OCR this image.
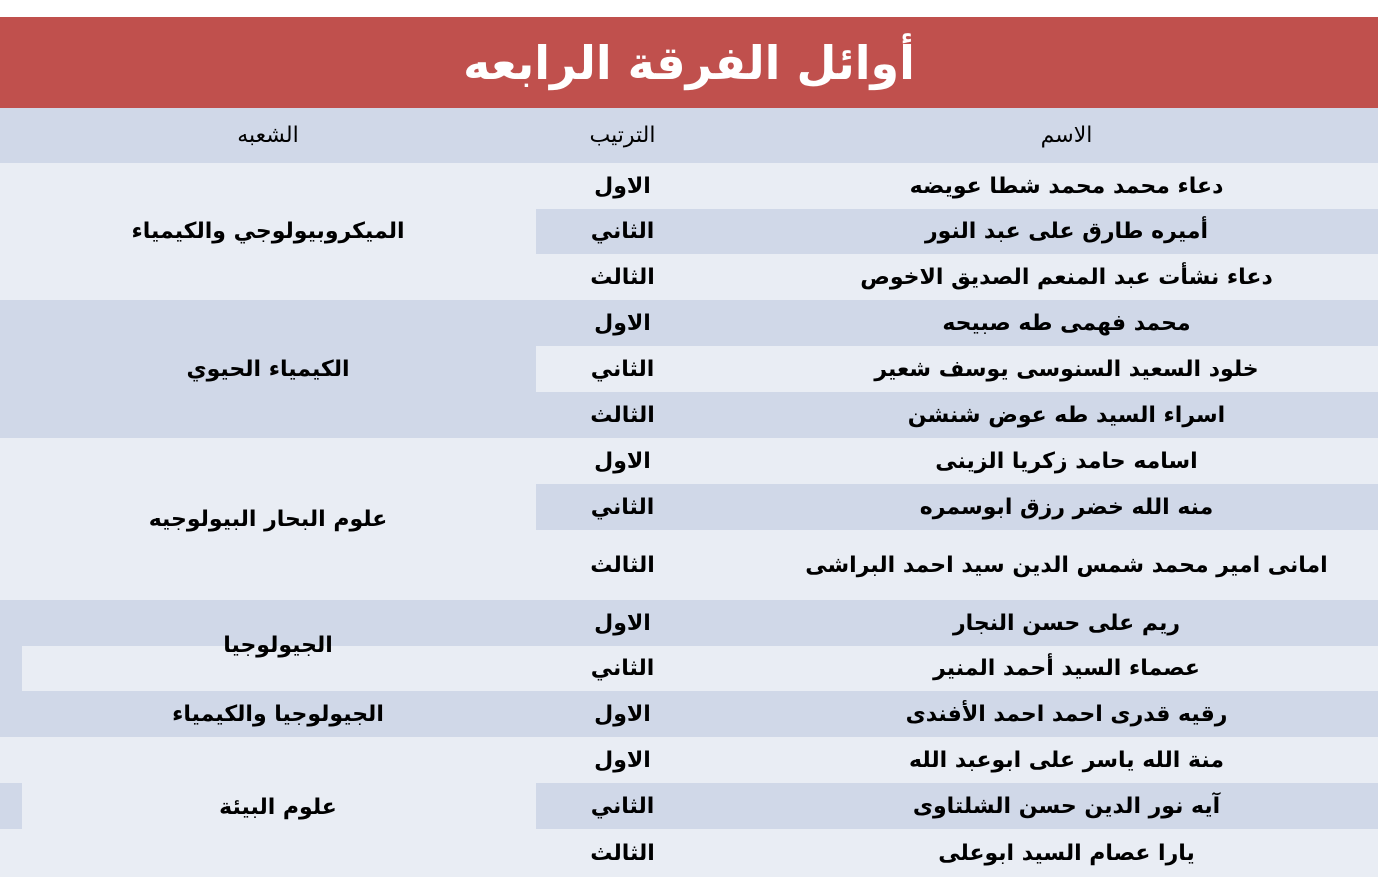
أوائل الفرقة الرابعه
الاسم
الترتيب
الشعبه
الميكروبيولوجي والكيمياء
الكيمياء الحيوي
علوم البحار البيولوجيه
الجيولوجيا
الجيولوجيا والكيمياء
علوم البيئة
دعاء محمد محمد شطا عويضه
الاول
أميره طارق على عبد النور
الثاني
دعاء نشأت عبد المنعم الصديق الاخوص
الثالث
محمد فهمى طه صبيحه
الاول
خلود السعيد السنوسى يوسف شعير
الثاني
اسراء السيد طه عوض شنشن
الثالث
اسامه حامد زكريا الزينى
الاول
منه الله خضر رزق ابوسمره
الثاني
امانى امير محمد شمس الدين سيد احمد البراشى
الثالث
ريم على حسن النجار
الاول
عصماء السيد أحمد المنير
الثاني
رقيه قدرى احمد احمد الأفندى
الاول
منة الله ياسر على ابوعبد الله
الاول
آيه نور الدين حسن الشلتاوى
الثاني
يارا عصام السيد ابوعلى
الثالث
